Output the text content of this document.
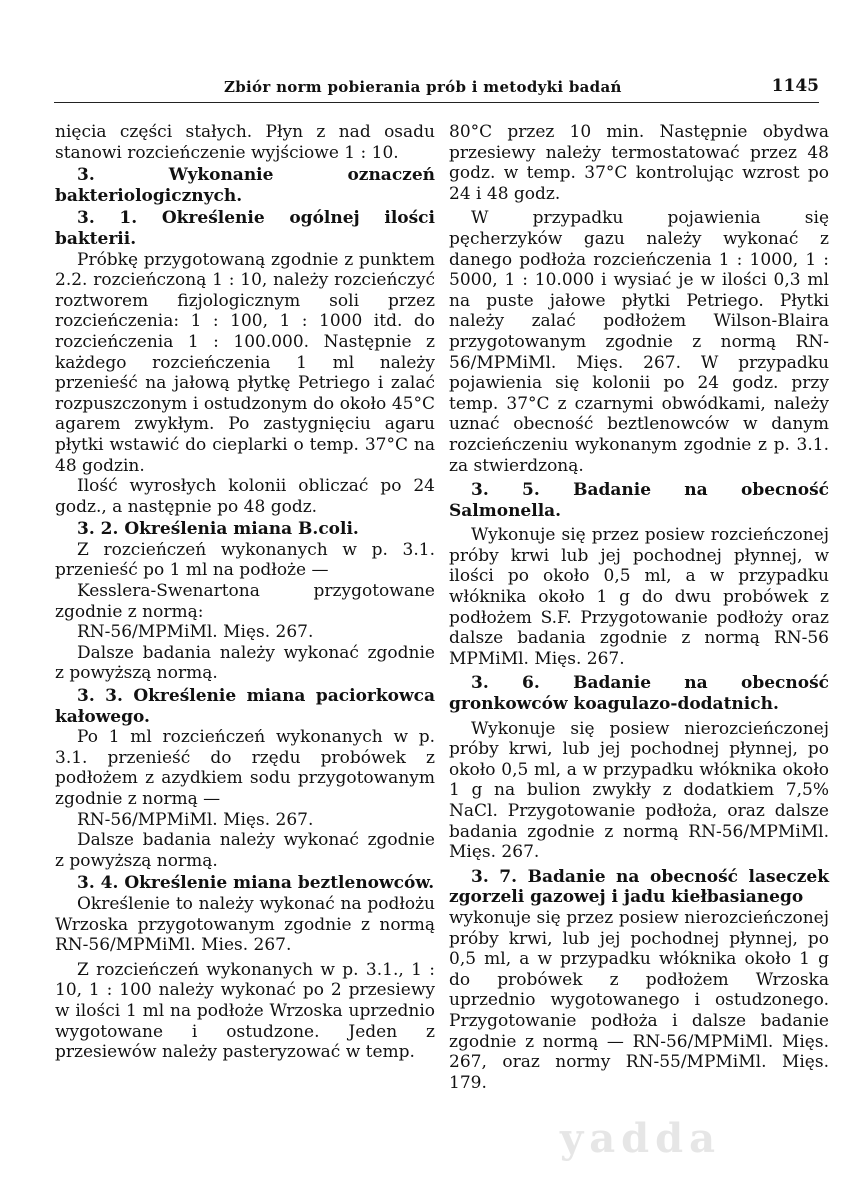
Zbiór norm pobierania prób i metodyki badań	1145

nięcia części stałych. Płyn z nad osadu stanowi rozcieńczenie wyjściowe 1 : 10.

3. Wykonanie oznaczeń bakteriologicznych.

3. 1. Określenie ogólnej ilości bakterii.

Próbkę przygotowaną zgodnie z punktem 2.2. rozcieńczoną 1 : 10, należy rozcieńczyć roztworem fizjologicznym soli przez rozcieńczenia: 1 : 100, 1 : 1000 itd. do rozcieńczenia 1 : 100.000. Następnie z każdego rozcieńczenia 1 ml należy przenieść na jałową płytkę Petriego i zalać rozpuszczonym i ostudzonym do około 45°C agarem zwykłym. Po zastygnięciu agaru płytki wstawić do cieplarki o temp. 37°C na 48 godzin.

Ilość wyrosłych kolonii obliczać po 24 godz., a następnie po 48 godz.

3. 2. Określenia miana B.coli.

Z rozcieńczeń wykonanych w p. 3.1. przenieść po 1 ml na podłoże —

Kesslera-Swenartona przygotowane zgodnie z normą:

RN-56/MPMiMl. Mięs. 267.

Dalsze badania należy wykonać zgodnie z powyższą normą.

3. 3. Określenie miana paciorkowca kałowego.

Po 1 ml rozcieńczeń wykonanych w p. 3.1. przenieść do rzędu probówek z podłożem z azydkiem sodu przygotowanym zgodnie z normą —

RN-56/MPMiMl. Mięs. 267.

Dalsze badania należy wykonać zgodnie z powyższą normą.

3. 4. Określenie miana beztlenowców.

Określenie to należy wykonać na podłożu Wrzoska przygotowanym zgodnie z normą RN-56/MPMiMl. Mies. 267.

Z rozcieńczeń wykonanych w p. 3.1., 1 : 10, 1 : 100 należy wykonać po 2 przesiewy w ilości 1 ml na podłoże Wrzoska uprzednio wygotowane i ostudzone. Jeden z przesiewów należy pasteryzować w temp.

80°C przez 10 min. Następnie obydwa przesiewy należy termostatować przez 48 godz. w temp. 37°C kontrolując wzrost po 24 i 48 godz.

W przypadku pojawienia się pęcherzyków gazu należy wykonać z danego podłoża rozcieńczenia 1 : 1000, 1 : 5000, 1 : 10.000 i wysiać je w ilości 0,3 ml na puste jałowe płytki Petriego. Płytki należy zalać podłożem Wilson-Blaira przygotowanym zgodnie z normą RN-56/MPMiMl. Mięs. 267. W przypadku pojawienia się kolonii po 24 godz. przy temp. 37°C z czarnymi obwódkami, należy uznać obecność beztlenowców w danym rozcieńczeniu wykonanym zgodnie z p. 3.1. za stwierdzoną.

3. 5. Badanie na obecność Salmonella.

Wykonuje się przez posiew rozcieńczonej próby krwi lub jej pochodnej płynnej, w ilości po około 0,5 ml, a w przypadku włóknika około 1 g do dwu probówek z podłożem S.F. Przygotowanie podłoży oraz dalsze badania zgodnie z normą RN-56 MPMiMl. Mięs. 267.

3. 6. Badanie na obecność gronkowców koagulazo-dodatnich.

Wykonuje się posiew nierozcieńczonej próby krwi, lub jej pochodnej płynnej, po około 0,5 ml, a w przypadku włóknika około 1 g na bulion zwykły z dodatkiem 7,5% NaCl. Przygotowanie podłoża, oraz dalsze badania zgodnie z normą RN-56/MPMiMl. Mięs. 267.

3. 7. Badanie na obecność laseczek zgorzeli gazowej i jadu kiełbasianego

wykonuje się przez posiew nierozcieńczonej próby krwi, lub jej pochodnej płynnej, po 0,5 ml, a w przypadku włóknika około 1 g do probówek z podłożem Wrzoska uprzednio wygotowanego i ostudzonego. Przygotowanie podłoża i dalsze badanie zgodnie z normą — RN-56/MPMiMl. Mięs. 267, oraz normy RN-55/MPMiMl. Mięs. 179.

yadda
